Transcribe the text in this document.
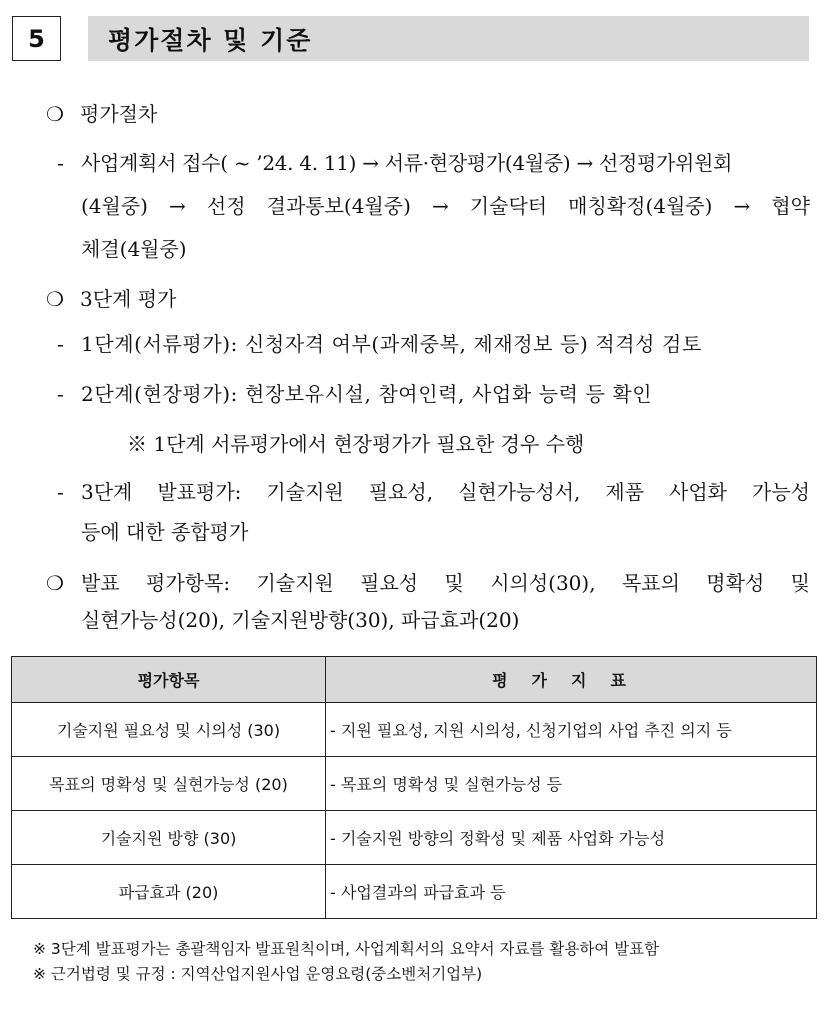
5	평가절차 및 기준
❍ 평가절차
- 사업계획서 접수( ~ ’24. 4. 11) → 서류·현장평가(4월중) → 선정평가위원회
(4월중) → 선정 결과통보(4월중) → 기술닥터 매칭확정(4월중) → 협약
체결(4월중)
❍ 3단계 평가
- 1단계(서류평가): 신청자격 여부(과제중복, 제재정보 등) 적격성 검토
- 2단계(현장평가): 현장보유시설, 참여인력, 사업화 능력 등 확인
※ 1단계 서류평가에서 현장평가가 필요한 경우 수행
- 3단계 발표평가: 기술지원 필요성, 실현가능성서, 제품 사업화 가능성
등에 대한 종합평가
❍ 발표 평가항목: 기술지원 필요성 및 시의성(30), 목표의 명확성 및
실현가능성(20), 기술지원방향(30), 파급효과(20)
평가항목	평가지표
기술지원 필요성 및 시의성 (30)	- 지원 필요성, 지원 시의성, 신청기업의 사업 추진 의지 등
목표의 명확성 및 실현가능성 (20)	- 목표의 명확성 및 실현가능성 등
기술지원 방향 (30)	- 기술지원 방향의 정확성 및 제품 사업화 가능성
파급효과 (20)	- 사업결과의 파급효과 등
※ 3단계 발표평가는 총괄책임자 발표원칙이며, 사업계획서의 요약서 자료를 활용하여 발표함
※ 근거법령 및 규정 : 지역산업지원사업 운영요령(중소벤처기업부)
